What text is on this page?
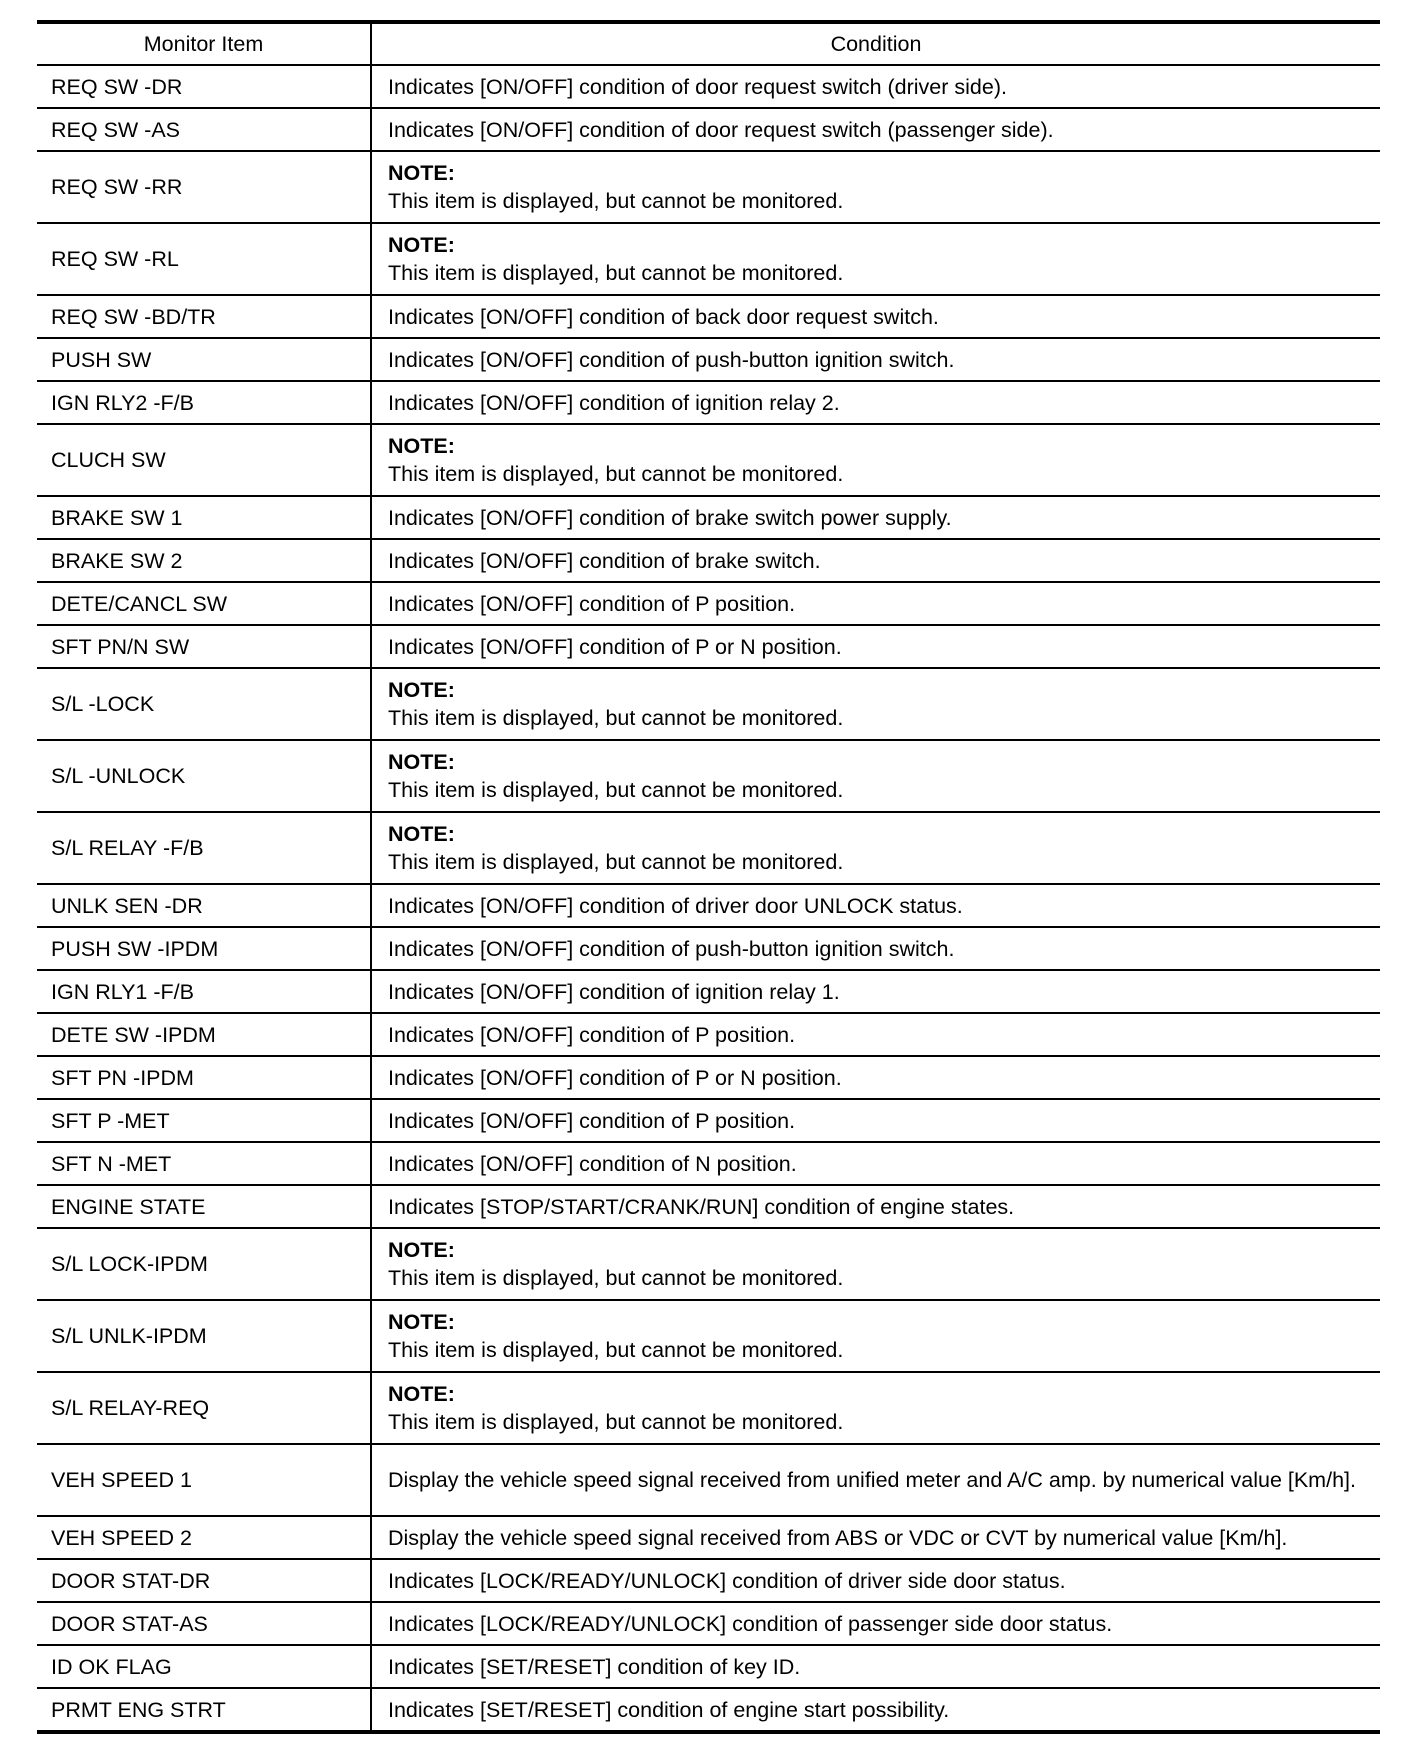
Monitor Item	Condition
REQ SW -DR	Indicates [ON/OFF] condition of door request switch (driver side).
REQ SW -AS	Indicates [ON/OFF] condition of door request switch (passenger side).
REQ SW -RR	NOTE:
This item is displayed, but cannot be monitored.

REQ SW -RL	NOTE:
This item is displayed, but cannot be monitored.

REQ SW -BD/TR	Indicates [ON/OFF] condition of back door request switch.
PUSH SW	Indicates [ON/OFF] condition of push-button ignition switch.
IGN RLY2 -F/B	Indicates [ON/OFF] condition of ignition relay 2.
CLUCH SW	NOTE:
This item is displayed, but cannot be monitored.

BRAKE SW 1	Indicates [ON/OFF] condition of brake switch power supply.
BRAKE SW 2	Indicates [ON/OFF] condition of brake switch.
DETE/CANCL SW	Indicates [ON/OFF] condition of P position.
SFT PN/N SW	Indicates [ON/OFF] condition of P or N position.
S/L -LOCK	NOTE:
This item is displayed, but cannot be monitored.

S/L -UNLOCK	NOTE:
This item is displayed, but cannot be monitored.

S/L RELAY -F/B	NOTE:
This item is displayed, but cannot be monitored.

UNLK SEN -DR	Indicates [ON/OFF] condition of driver door UNLOCK status.
PUSH SW -IPDM	Indicates [ON/OFF] condition of push-button ignition switch.
IGN RLY1 -F/B	Indicates [ON/OFF] condition of ignition relay 1.
DETE SW -IPDM	Indicates [ON/OFF] condition of P position.
SFT PN -IPDM	Indicates [ON/OFF] condition of P or N position.
SFT P -MET	Indicates [ON/OFF] condition of P position.
SFT N -MET	Indicates [ON/OFF] condition of N position.
ENGINE STATE	Indicates [STOP/START/CRANK/RUN] condition of engine states.
S/L LOCK-IPDM	NOTE:
This item is displayed, but cannot be monitored.

S/L UNLK-IPDM	NOTE:
This item is displayed, but cannot be monitored.

S/L RELAY-REQ	NOTE:
This item is displayed, but cannot be monitored.

VEH SPEED 1	Display the vehicle speed signal received from unified meter and A/C amp. by numerical value [Km/h].
VEH SPEED 2	Display the vehicle speed signal received from ABS or VDC or CVT by numerical value [Km/h].
DOOR STAT-DR	Indicates [LOCK/READY/UNLOCK] condition of driver side door status.
DOOR STAT-AS	Indicates [LOCK/READY/UNLOCK] condition of passenger side door status.
ID OK FLAG	Indicates [SET/RESET] condition of key ID.
PRMT ENG STRT	Indicates [SET/RESET] condition of engine start possibility.
